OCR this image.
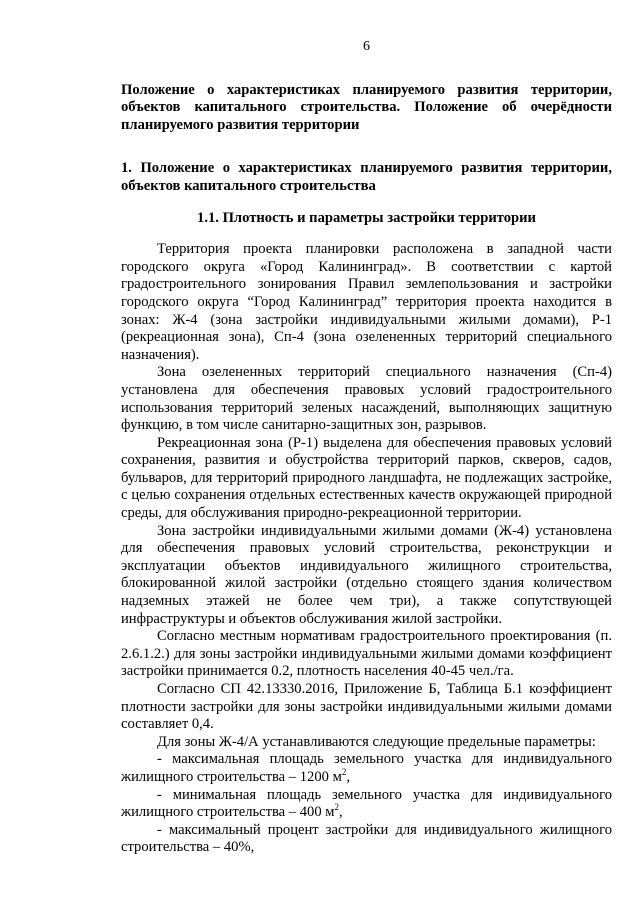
6

Положение о характеристиках планируемого развития территории, объектов капитального строительства. Положение об очерёдности планируемого развития территории

1. Положение о характеристиках планируемого развития территории, объектов капитального строительства

1.1. Плотность и параметры застройки территории

Территория проекта планировки расположена в западной части городского округа «Город Калининград». В соответствии с картой градостроительного зонирования Правил землепользования и застройки городского округа “Город Калининград” территория проекта находится в зонах: Ж-4 (зона застройки индивидуальными жилыми домами), Р-1 (рекреационная зона), Сп-4 (зона озелененных территорий специального назначения).

Зона озелененных территорий специального назначения (Сп-4) установлена для обеспечения правовых условий градостроительного использования территорий зеленых насаждений, выполняющих защитную функцию, в том числе санитарно-защитных зон, разрывов.

Рекреационная зона (Р-1) выделена для обеспечения правовых условий сохранения, развития и обустройства территорий парков, скверов, садов, бульваров, для территорий природного ландшафта, не подлежащих застройке, с целью сохранения отдельных естественных качеств окружающей природной среды, для обслуживания природно-рекреационной территории.

Зона застройки индивидуальными жилыми домами (Ж-4) установлена для обеспечения правовых условий строительства, реконструкции и эксплуатации объектов индивидуального жилищного строительства, блокированной жилой застройки (отдельно стоящего здания количеством надземных этажей не более чем три), а также сопутствующей инфраструктуры и объектов обслуживания жилой застройки.

Согласно местным нормативам градостроительного проектирования (п. 2.6.1.2.) для зоны застройки индивидуальными жилыми домами коэффициент застройки принимается 0.2, плотность населения 40-45 чел./га.

Согласно СП 42.13330.2016, Приложение Б, Таблица Б.1 коэффициент плотности застройки для зоны застройки индивидуальными жилыми домами составляет 0,4.

Для зоны Ж-4/А устанавливаются следующие предельные параметры:

- максимальная площадь земельного участка для индивидуального жилищного строительства – 1200 $м^2$,

- минимальная площадь земельного участка для индивидуального жилищного строительства – 400 $м^2$,

- максимальный процент застройки для индивидуального жилищного строительства – 40%,
